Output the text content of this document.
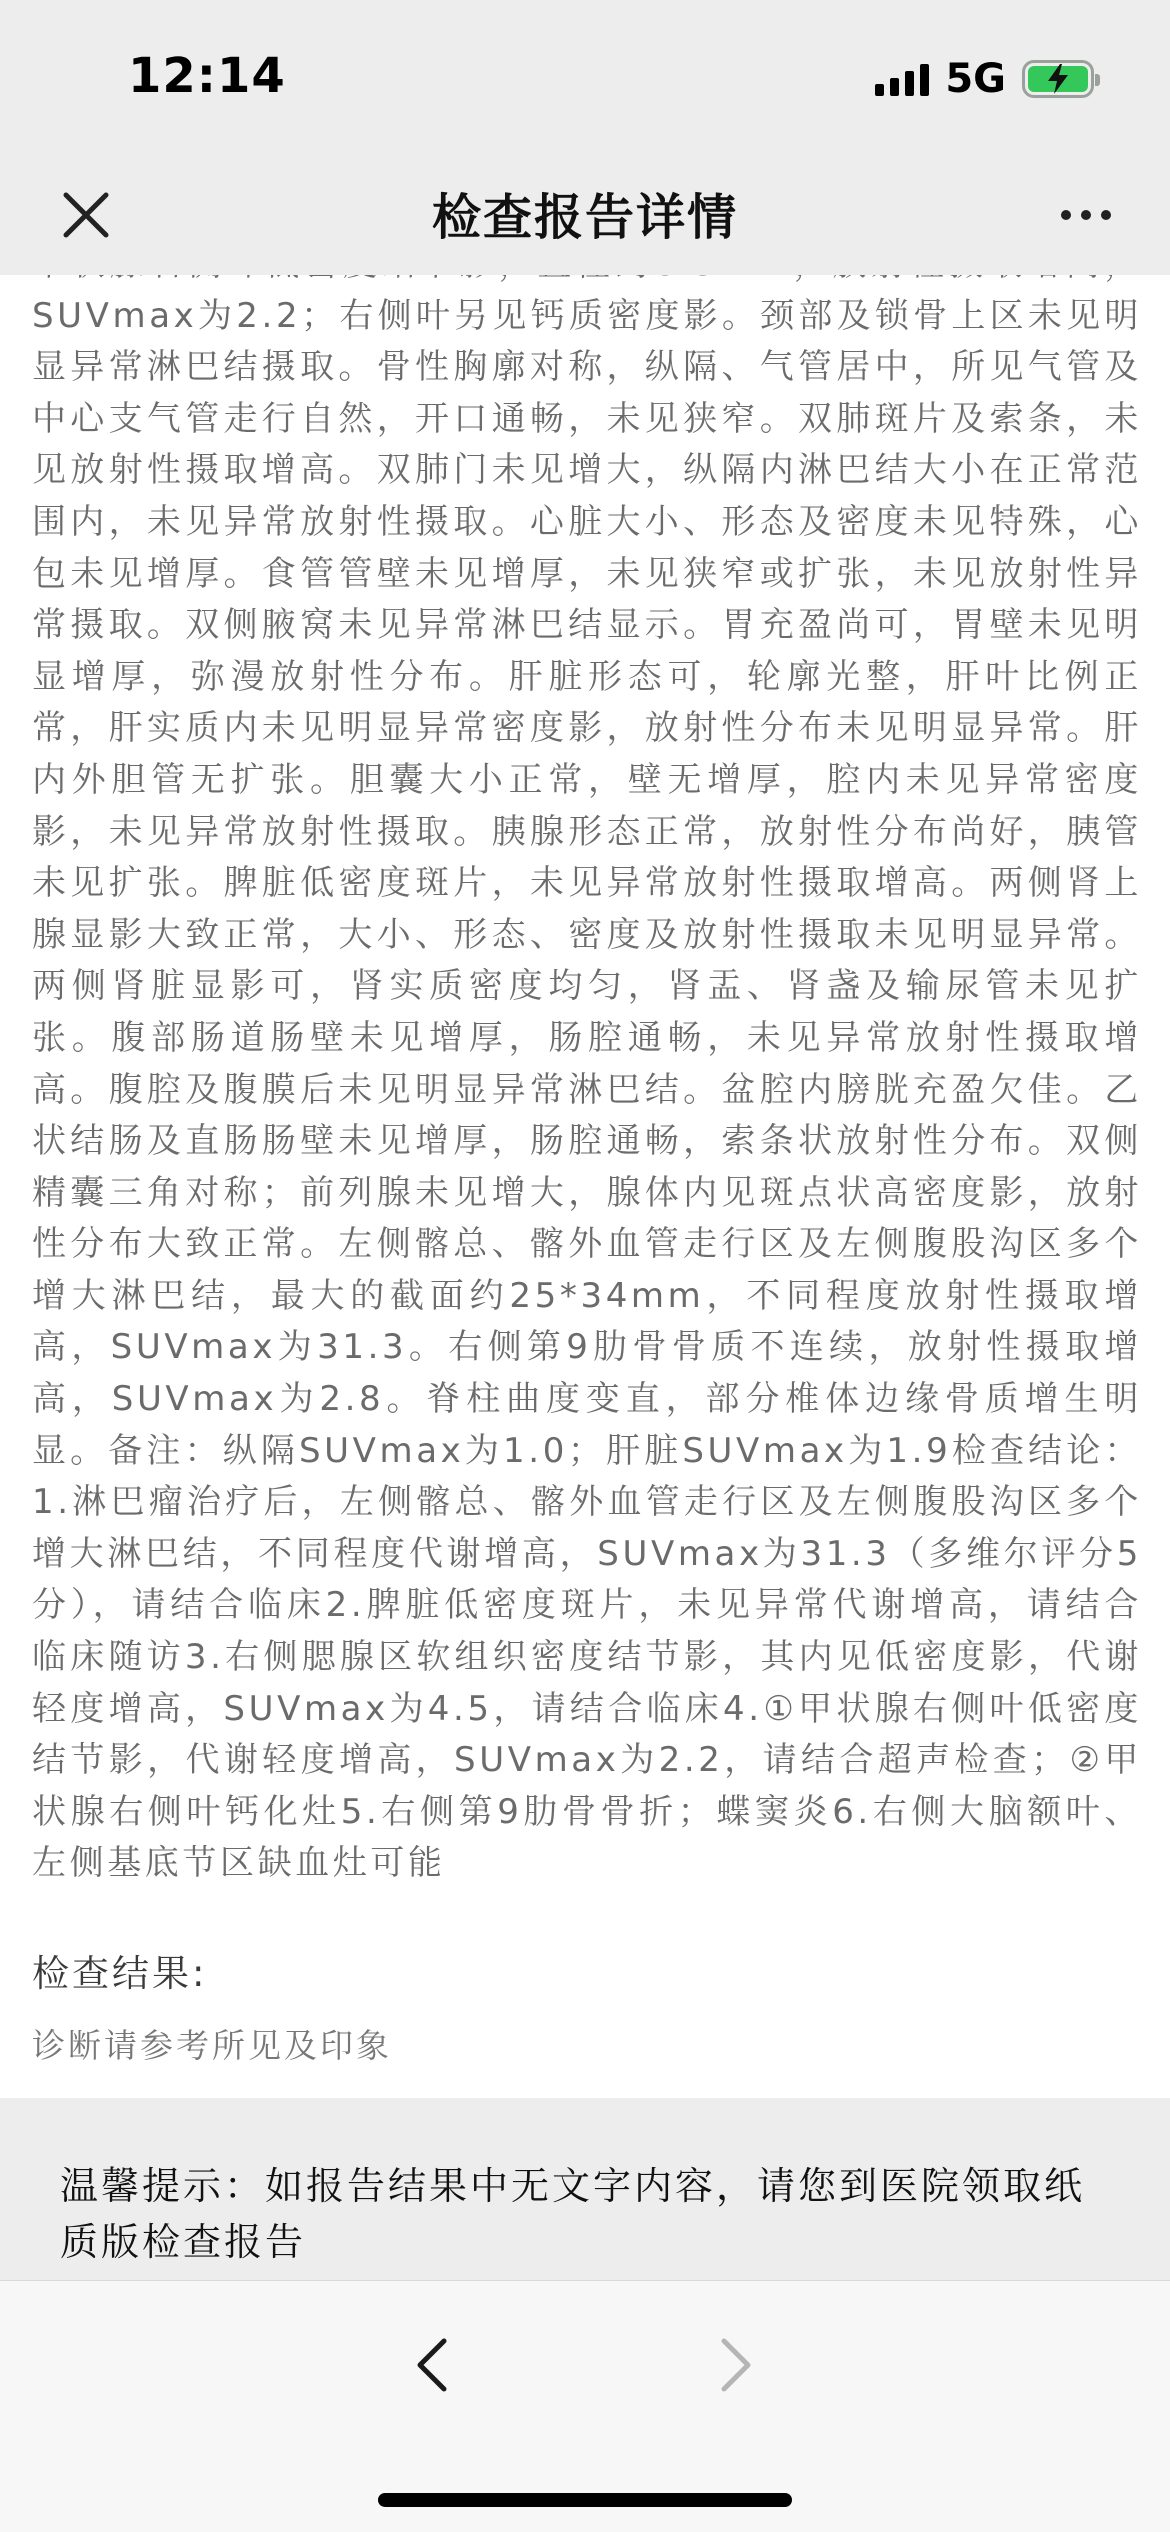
12:14	5G
检查报告详情
SUVmax为2.2；右侧叶另见钙质密度影。颈部及锁骨上区未见明显异常淋巴结摄取。骨性胸廓对称，纵隔、气管居中，所见气管及中心支气管走行自然，开口通畅，未见狭窄。双肺斑片及索条，未见放射性摄取增高。双肺门未见增大，纵隔内淋巴结大小在正常范围内，未见异常放射性摄取。心脏大小、形态及密度未见特殊，心包未见增厚。食管管壁未见增厚，未见狭窄或扩张，未见放射性异常摄取。双侧腋窝未见异常淋巴结显示。胃充盈尚可，胃壁未见明显增厚，弥漫放射性分布。肝脏形态可，轮廓光整，肝叶比例正常，肝实质内未见明显异常密度影，放射性分布未见明显异常。肝内外胆管无扩张。胆囊大小正常，壁无增厚，腔内未见异常密度影，未见异常放射性摄取。胰腺形态正常，放射性分布尚好，胰管未见扩张。脾脏低密度斑片，未见异常放射性摄取增高。两侧肾上腺显影大致正常，大小、形态、密度及放射性摄取未见明显异常。两侧肾脏显影可，肾实质密度均匀，肾盂、肾盏及输尿管未见扩张。腹部肠道肠壁未见增厚，肠腔通畅，未见异常放射性摄取增高。腹腔及腹膜后未见明显异常淋巴结。盆腔内膀胱充盈欠佳。乙状结肠及直肠肠壁未见增厚，肠腔通畅，索条状放射性分布。双侧精囊三角对称；前列腺未见增大，腺体内见斑点状高密度影，放射性分布大致正常。左侧髂总、髂外血管走行区及左侧腹股沟区多个增大淋巴结，最大的截面约25*34mm，不同程度放射性摄取增高，SUVmax为31.3。右侧第9肋骨骨质不连续，放射性摄取增高，SUVmax为2.8。脊柱曲度变直，部分椎体边缘骨质增生明显。备注：纵隔SUVmax为1.0；肝脏SUVmax为1.9检查结论：1.淋巴瘤治疗后，左侧髂总、髂外血管走行区及左侧腹股沟区多个增大淋巴结，不同程度代谢增高，SUVmax为31.3（多维尔评分5分），请结合临床2.脾脏低密度斑片，未见异常代谢增高，请结合临床随访3.右侧腮腺区软组织密度结节影，其内见低密度影，代谢轻度增高，SUVmax为4.5，请结合临床4.①甲状腺右侧叶低密度结节影，代谢轻度增高，SUVmax为2.2，请结合超声检查；②甲状腺右侧叶钙化灶5.右侧第9肋骨骨折；蝶窦炎6.右侧大脑额叶、左侧基底节区缺血灶可能
检查结果:
诊断请参考所见及印象
温馨提示：如报告结果中无文字内容，请您到医院领取纸质版检查报告
